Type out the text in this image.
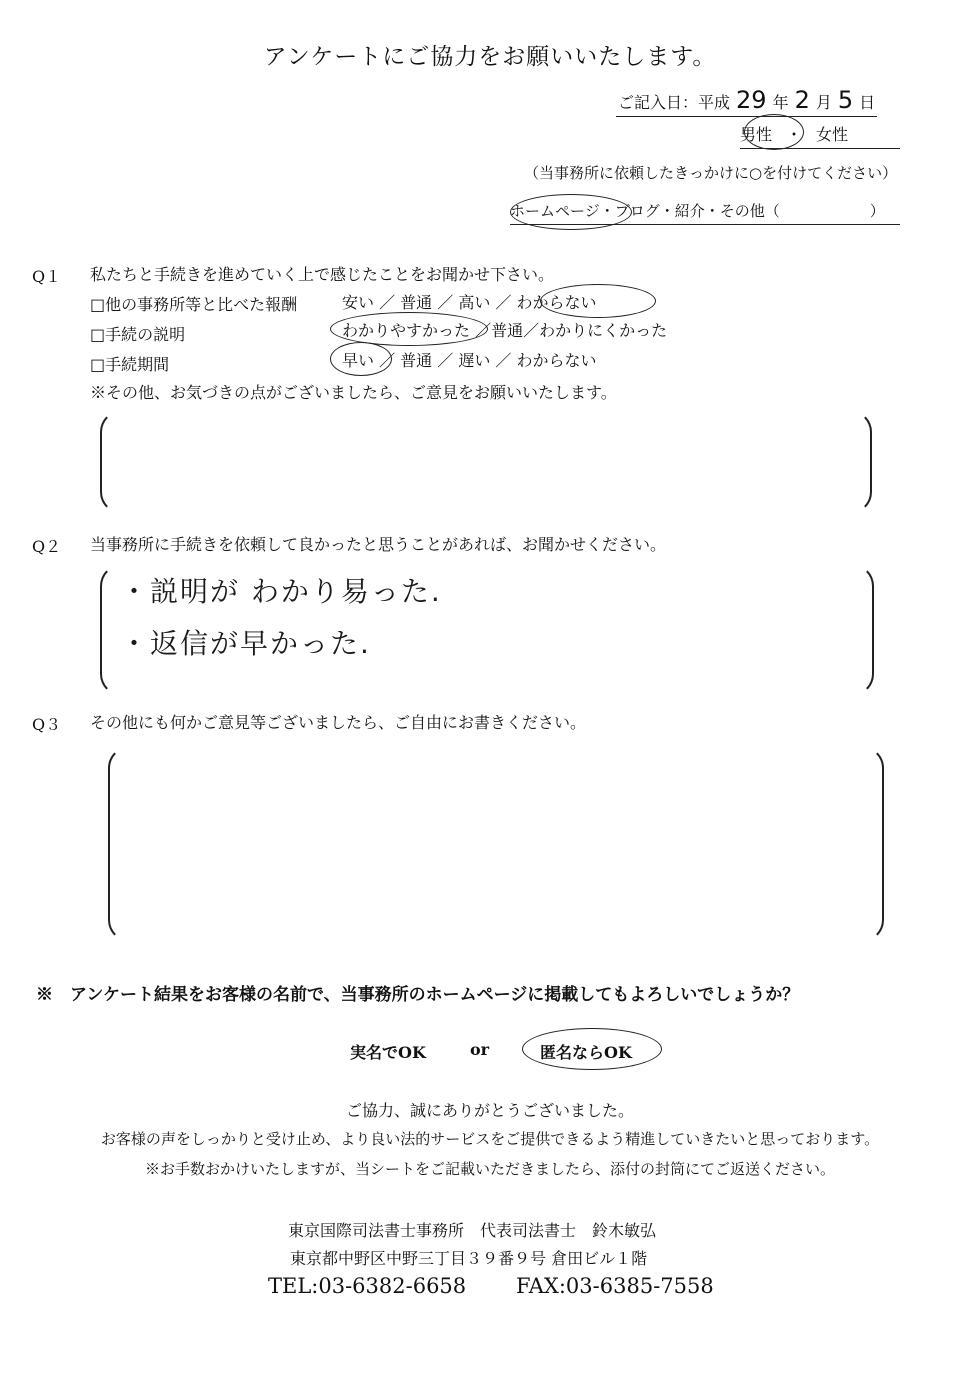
アンケートにご協力をお願いいたします。
ご記入日：平成 29 年 2 月 5 日
男性 ・ 女性
（当事務所に依頼したきっかけに○を付けてください）
ホームページ・ブログ・紹介・その他（　　　　　　）
Q１ 私たちと手続きを進めていく上で感じたことをお聞かせ下さい。
□他の事務所等と比べた報酬	安い ／ 普通 ／ 高い ／ わからない
□手続の説明	わかりやすかった ／普通／わかりにくかった
□手続期間	早い ／ 普通 ／ 遅い ／ わからない
※その他、お気づきの点がございましたら、ご意見をお願いいたします。
Q２ 当事務所に手続きを依頼して良かったと思うことがあれば、お聞かせください。
・説明が わかり易った.
・返信が早かった.
Q３ その他にも何かご意見等ございましたら、ご自由にお書きください。
※　アンケート結果をお客様の名前で、当事務所のホームページに掲載してもよろしいでしょうか？
実名でOK	or	匿名ならOK
ご協力、誠にありがとうございました。
お客様の声をしっかりと受け止め、より良い法的サービスをご提供できるよう精進していきたいと思っております。
※お手数おかけいたしますが、当シートをご記載いただきましたら、添付の封筒にてご返送ください。
東京国際司法書士事務所　代表司法書士　鈴木敏弘
東京都中野区中野三丁目３９番９号 倉田ビル１階
TEL:03-6382-6658 FAX:03-6385-7558
